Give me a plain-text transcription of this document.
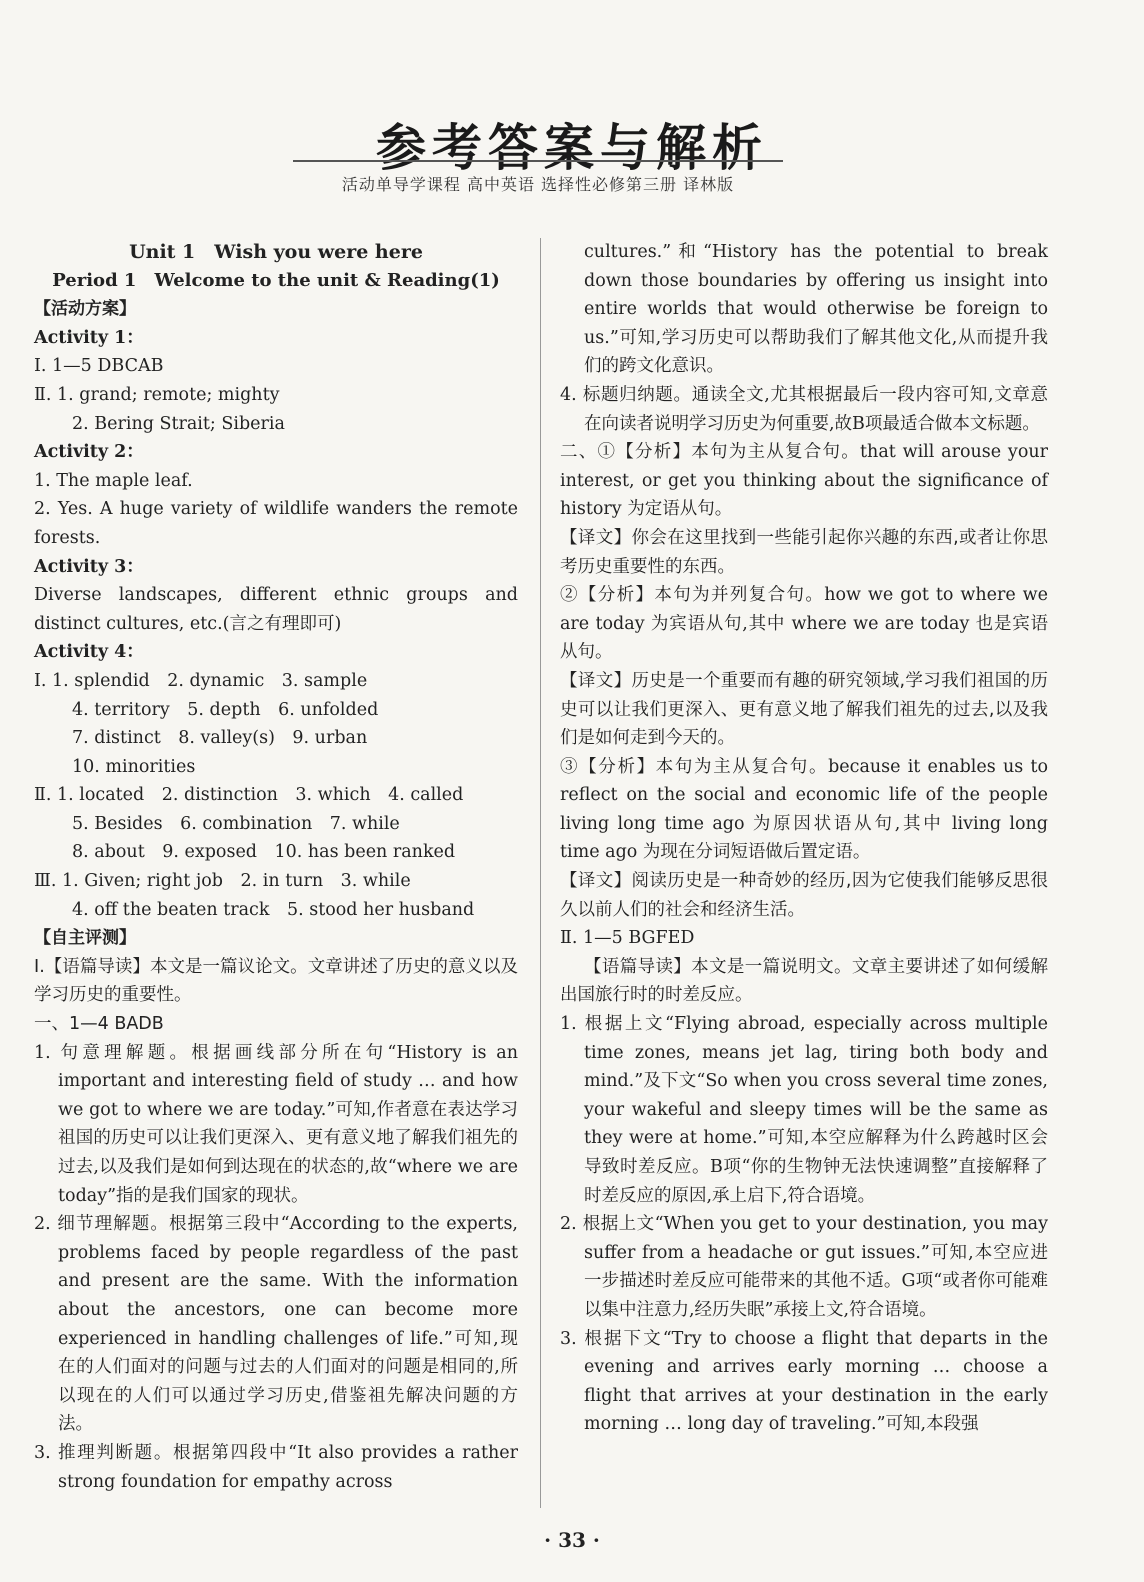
参考答案与解析
活动单导学课程 高中英语 选择性必修第三册 译林版
Unit 1　Wish you were here
Period 1　Welcome to the unit & Reading(1)
【活动方案】
Activity 1：
Ⅰ. 1—5 DBCAB
Ⅱ. 1. grand; remote; mighty
2. Bering Strait; Siberia
Activity 2：
1. The maple leaf.
2. Yes. A huge variety of wildlife wanders the remote forests.
Activity 3：
Diverse landscapes, different ethnic groups and distinct cultures, etc.(言之有理即可)
Activity 4：
Ⅰ. 1. splendid　2. dynamic　3. sample
4. territory　5. depth　6. unfolded
7. distinct　8. valley(s)　9. urban
10. minorities
Ⅱ. 1. located　2. distinction　3. which　4. called
5. Besides　6. combination　7. while
8. about　9. exposed　10. has been ranked
Ⅲ. 1. Given; right job　2. in turn　3. while
4. off the beaten track　5. stood her husband
【自主评测】
Ⅰ.【语篇导读】本文是一篇议论文。文章讲述了历史的意义以及学习历史的重要性。
一、1—4 BADB
1. 句意理解题。根据画线部分所在句“History is an important and interesting field of study … and how we got to where we are today.”可知,作者意在表达学习祖国的历史可以让我们更深入、更有意义地了解我们祖先的过去,以及我们是如何到达现在的状态的,故“where we are today”指的是我们国家的现状。
2. 细节理解题。根据第三段中“According to the experts, problems faced by people regardless of the past and present are the same. With the information about the ancestors, one can become more experienced in handling challenges of life.”可知,现在的人们面对的问题与过去的人们面对的问题是相同的,所以现在的人们可以通过学习历史,借鉴祖先解决问题的方法。
3. 推理判断题。根据第四段中“It also provides a rather strong foundation for empathy across
cultures.”和“History has the potential to break down those boundaries by offering us insight into entire worlds that would otherwise be foreign to us.”可知,学习历史可以帮助我们了解其他文化,从而提升我们的跨文化意识。
4. 标题归纳题。通读全文,尤其根据最后一段内容可知,文章意在向读者说明学习历史为何重要,故B项最适合做本文标题。
二、①【分析】本句为主从复合句。that will arouse your interest, or get you thinking about the significance of history 为定语从句。
【译文】你会在这里找到一些能引起你兴趣的东西,或者让你思考历史重要性的东西。
②【分析】本句为并列复合句。how we got to where we are today 为宾语从句,其中 where we are today 也是宾语从句。
【译文】历史是一个重要而有趣的研究领域,学习我们祖国的历史可以让我们更深入、更有意义地了解我们祖先的过去,以及我们是如何走到今天的。
③【分析】本句为主从复合句。because it enables us to reflect on the social and economic life of the people living long time ago 为原因状语从句,其中 living long time ago 为现在分词短语做后置定语。
【译文】阅读历史是一种奇妙的经历,因为它使我们能够反思很久以前人们的社会和经济生活。
Ⅱ. 1—5 BGFED
【语篇导读】本文是一篇说明文。文章主要讲述了如何缓解出国旅行时的时差反应。
1. 根据上文“Flying abroad, especially across multiple time zones, means jet lag, tiring both body and mind.”及下文“So when you cross several time zones, your wakeful and sleepy times will be the same as they were at home.”可知,本空应解释为什么跨越时区会导致时差反应。B项“你的生物钟无法快速调整”直接解释了时差反应的原因,承上启下,符合语境。
2. 根据上文“When you get to your destination, you may suffer from a headache or gut issues.”可知,本空应进一步描述时差反应可能带来的其他不适。G项“或者你可能难以集中注意力,经历失眠”承接上文,符合语境。
3. 根据下文“Try to choose a flight that departs in the evening and arrives early morning … choose a flight that arrives at your destination in the early morning … long day of traveling.”可知,本段强
· 33 ·
